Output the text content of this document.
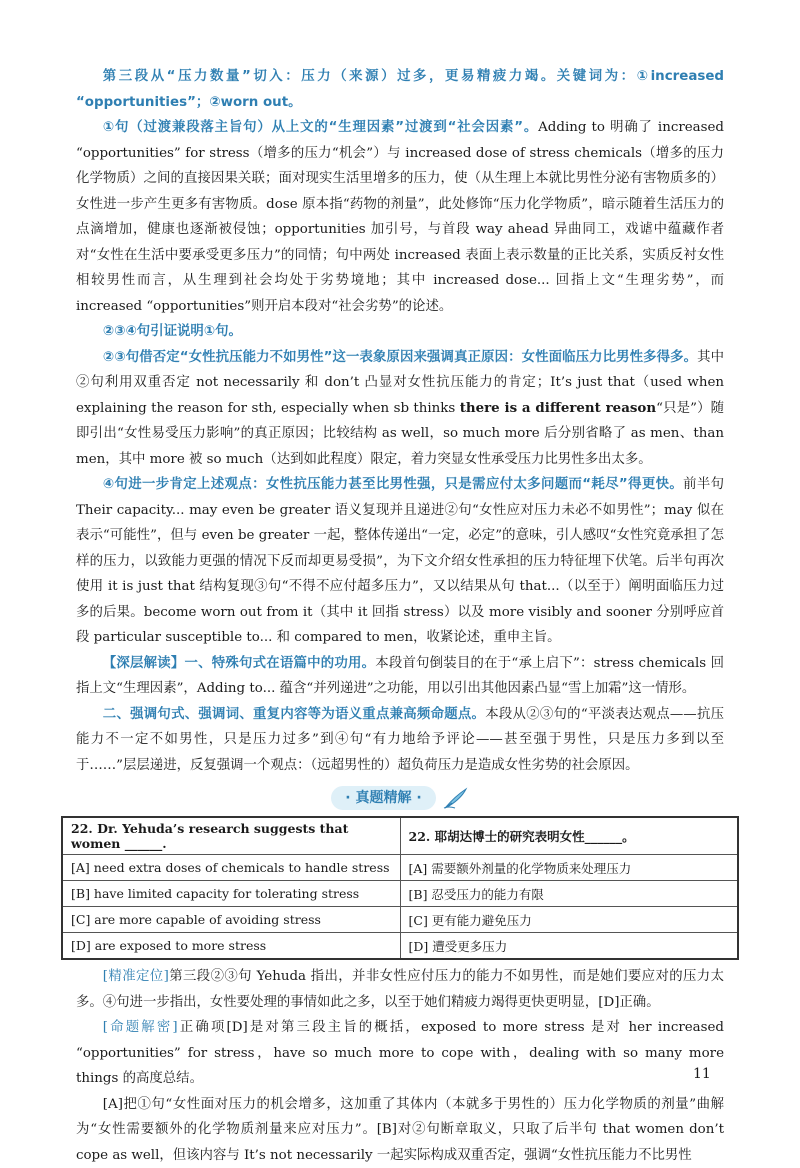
第三段从“压力数量”切入：压力（来源）过多，更易精疲力竭。关键词为：①increased “opportunities”；②worn out。

①句（过渡兼段落主旨句）从上文的“生理因素”过渡到“社会因素”。Adding to 明确了 increased “opportunities” for stress（增多的压力“机会”）与 increased dose of stress chemicals（增多的压力化学物质）之间的直接因果关联；面对现实生活里增多的压力，使（从生理上本就比男性分泌有害物质多的）女性进一步产生更多有害物质。dose 原本指“药物的剂量”，此处修饰“压力化学物质”，暗示随着生活压力的点滴增加，健康也逐渐被侵蚀；opportunities 加引号，与首段 way ahead 异曲同工，戏谑中蕴藏作者对“女性在生活中要承受更多压力”的同情；句中两处 increased 表面上表示数量的正比关系，实质反衬女性相较男性而言，从生理到社会均处于劣势境地；其中 increased dose... 回指上文“生理劣势”，而 increased “opportunities”则开启本段对“社会劣势”的论述。

②③④句引证说明①句。

②③句借否定“女性抗压能力不如男性”这一表象原因来强调真正原因：女性面临压力比男性多得多。其中②句利用双重否定 not necessarily 和 don’t 凸显对女性抗压能力的肯定；It’s just that（used when explaining the reason for sth, especially when sb thinks there is a different reason“只是”）随即引出“女性易受压力影响”的真正原因；比较结构 as well，so much more 后分别省略了 as men、than men，其中 more 被 so much（达到如此程度）限定，着力突显女性承受压力比男性多出太多。

④句进一步肯定上述观点：女性抗压能力甚至比男性强，只是需应付太多问题而“耗尽”得更快。前半句 Their capacity... may even be greater 语义复现并且递进②句“女性应对压力未必不如男性”；may 似在表示“可能性”，但与 even be greater 一起，整体传递出“一定，必定”的意味，引人感叹“女性究竟承担了怎样的压力，以致能力更强的情况下反而却更易受损”，为下文介绍女性承担的压力特征埋下伏笔。后半句再次使用 it is just that 结构复现③句“不得不应付超多压力”，又以结果从句 that...（以至于）阐明面临压力过多的后果。become worn out from it（其中 it 回指 stress）以及 more visibly and sooner 分别呼应首段 particular susceptible to... 和 compared to men，收紧论述，重申主旨。

【深层解读】一、特殊句式在语篇中的功用。本段首句倒装目的在于“承上启下”：stress chemicals 回指上文“生理因素”，Adding to... 蕴含“并列递进”之功能，用以引出其他因素凸显“雪上加霜”这一情形。

二、强调句式、强调词、重复内容等为语义重点兼高频命题点。本段从②③句的“平淡表达观点——抗压能力不一定不如男性，只是压力过多”到④句“有力地给予评论——甚至强于男性，只是压力多到以至于……”层层递进，反复强调一个观点：（远超男性的）超负荷压力是造成女性劣势的社会原因。

· 真题精解 ·
22. Dr. Yehuda’s research suggests that women ______.	22. 耶胡达博士的研究表明女性______。
[A] need extra doses of chemicals to handle stress	[A] 需要额外剂量的化学物质来处理压力
[B] have limited capacity for tolerating stress	[B] 忍受压力的能力有限
[C] are more capable of avoiding stress	[C] 更有能力避免压力
[D] are exposed to more stress	[D] 遭受更多压力

[精准定位]第三段②③句 Yehuda 指出，并非女性应付压力的能力不如男性，而是她们要应对的压力太多。④句进一步指出，女性要处理的事情如此之多，以至于她们精疲力竭得更快更明显，[D]正确。

[命题解密]正确项[D]是对第三段主旨的概括，exposed to more stress 是对 her increased “opportunities” for stress，have so much more to cope with，dealing with so many more things 的高度总结。

[A]把①句“女性面对压力的机会增多，这加重了其体内（本就多于男性的）压力化学物质的剂量”曲解为“女性需要额外的化学物质剂量来应对压力”。[B]对②句断章取义，只取了后半句 that women don’t cope as well，但该内容与 It’s not necessarily 一起实际构成双重否定，强调“女性抗压能力不比男性

11
